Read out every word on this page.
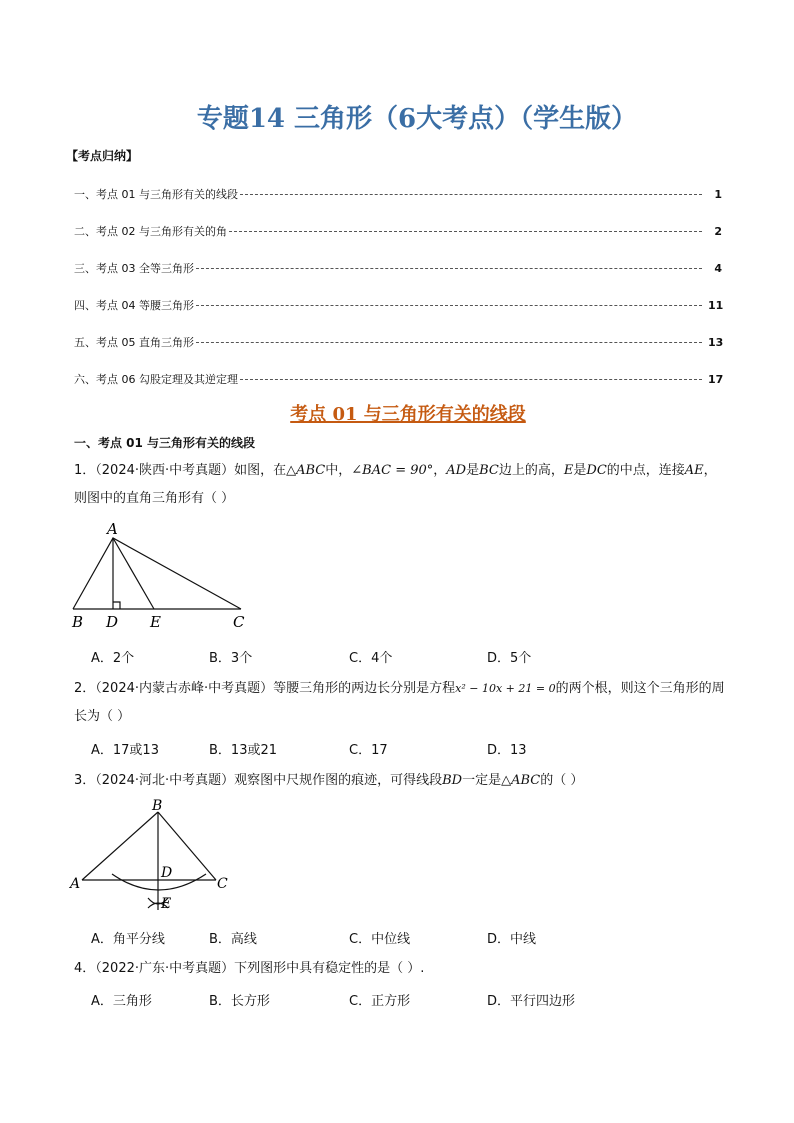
专题14 三角形（6大考点）（学生版）
【考点归纳】
一、考点 01 与三角形有关的线段	1
二、考点 02 与三角形有关的角	2
三、考点 03 全等三角形	4
四、考点 04 等腰三角形	11
五、考点 05 直角三角形	13
六、考点 06 勾股定理及其逆定理	17
考点 01 与三角形有关的线段
一、考点 01 与三角形有关的线段
1．（2024·陕西·中考真题）如图，在△ABC中，∠BAC = 90°，AD是BC边上的高，E是DC的中点，连接AE，则图中的直角三角形有（ ）
A
B D E	C
A．2个	B．3个	C．4个	D．5个
2．（2024·内蒙古赤峰·中考真题）等腰三角形的两边长分别是方程x² − 10x + 21 = 0的两个根，则这个三角形的周长为（ ）
A．17或13	B．13或21	C．17	D．13
3．（2024·河北·中考真题）观察图中尺规作图的痕迹，可得线段BD一定是△ABC的（ ）
B
A
D
C
E
A．角平分线	B．高线	C．中位线	D．中线
4．（2022·广东·中考真题）下列图形中具有稳定性的是（ ）.
A．三角形	B．长方形	C．正方形	D．平行四边形
